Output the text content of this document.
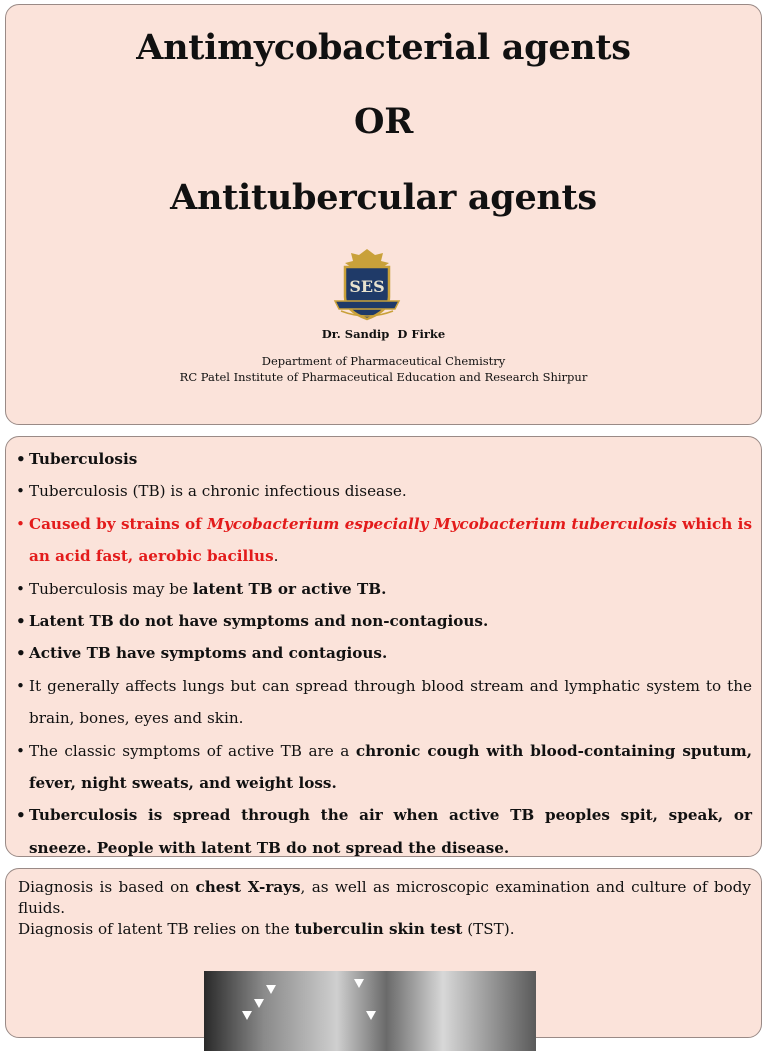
Antimycobacterial agents
OR
Antitubercular agents
SES
Dr. Sandip  D Firke
Department of Pharmaceutical Chemistry
RC Patel Institute of Pharmaceutical Education and Research Shirpur
• Tuberculosis
• Tuberculosis (TB) is a chronic infectious disease.
• Caused by strains of Mycobacterium especially Mycobacterium tuberculosis which is an acid fast, aerobic bacillus.
• Tuberculosis may be latent TB or active TB.
• Latent TB do not have symptoms and non-contagious.
• Active TB have symptoms and contagious.
• It generally affects lungs but can spread through blood stream and lymphatic system to the brain, bones, eyes and skin.
• The classic symptoms of active TB are a chronic cough with blood-containing sputum, fever, night sweats, and weight loss.
• Tuberculosis is spread through the air when active TB peoples spit, speak, or sneeze. People with latent TB do not spread the disease.
Diagnosis is based on chest X-rays, as well as microscopic examination and culture of body fluids.
Diagnosis of latent TB relies on the tuberculin skin test (TST).
